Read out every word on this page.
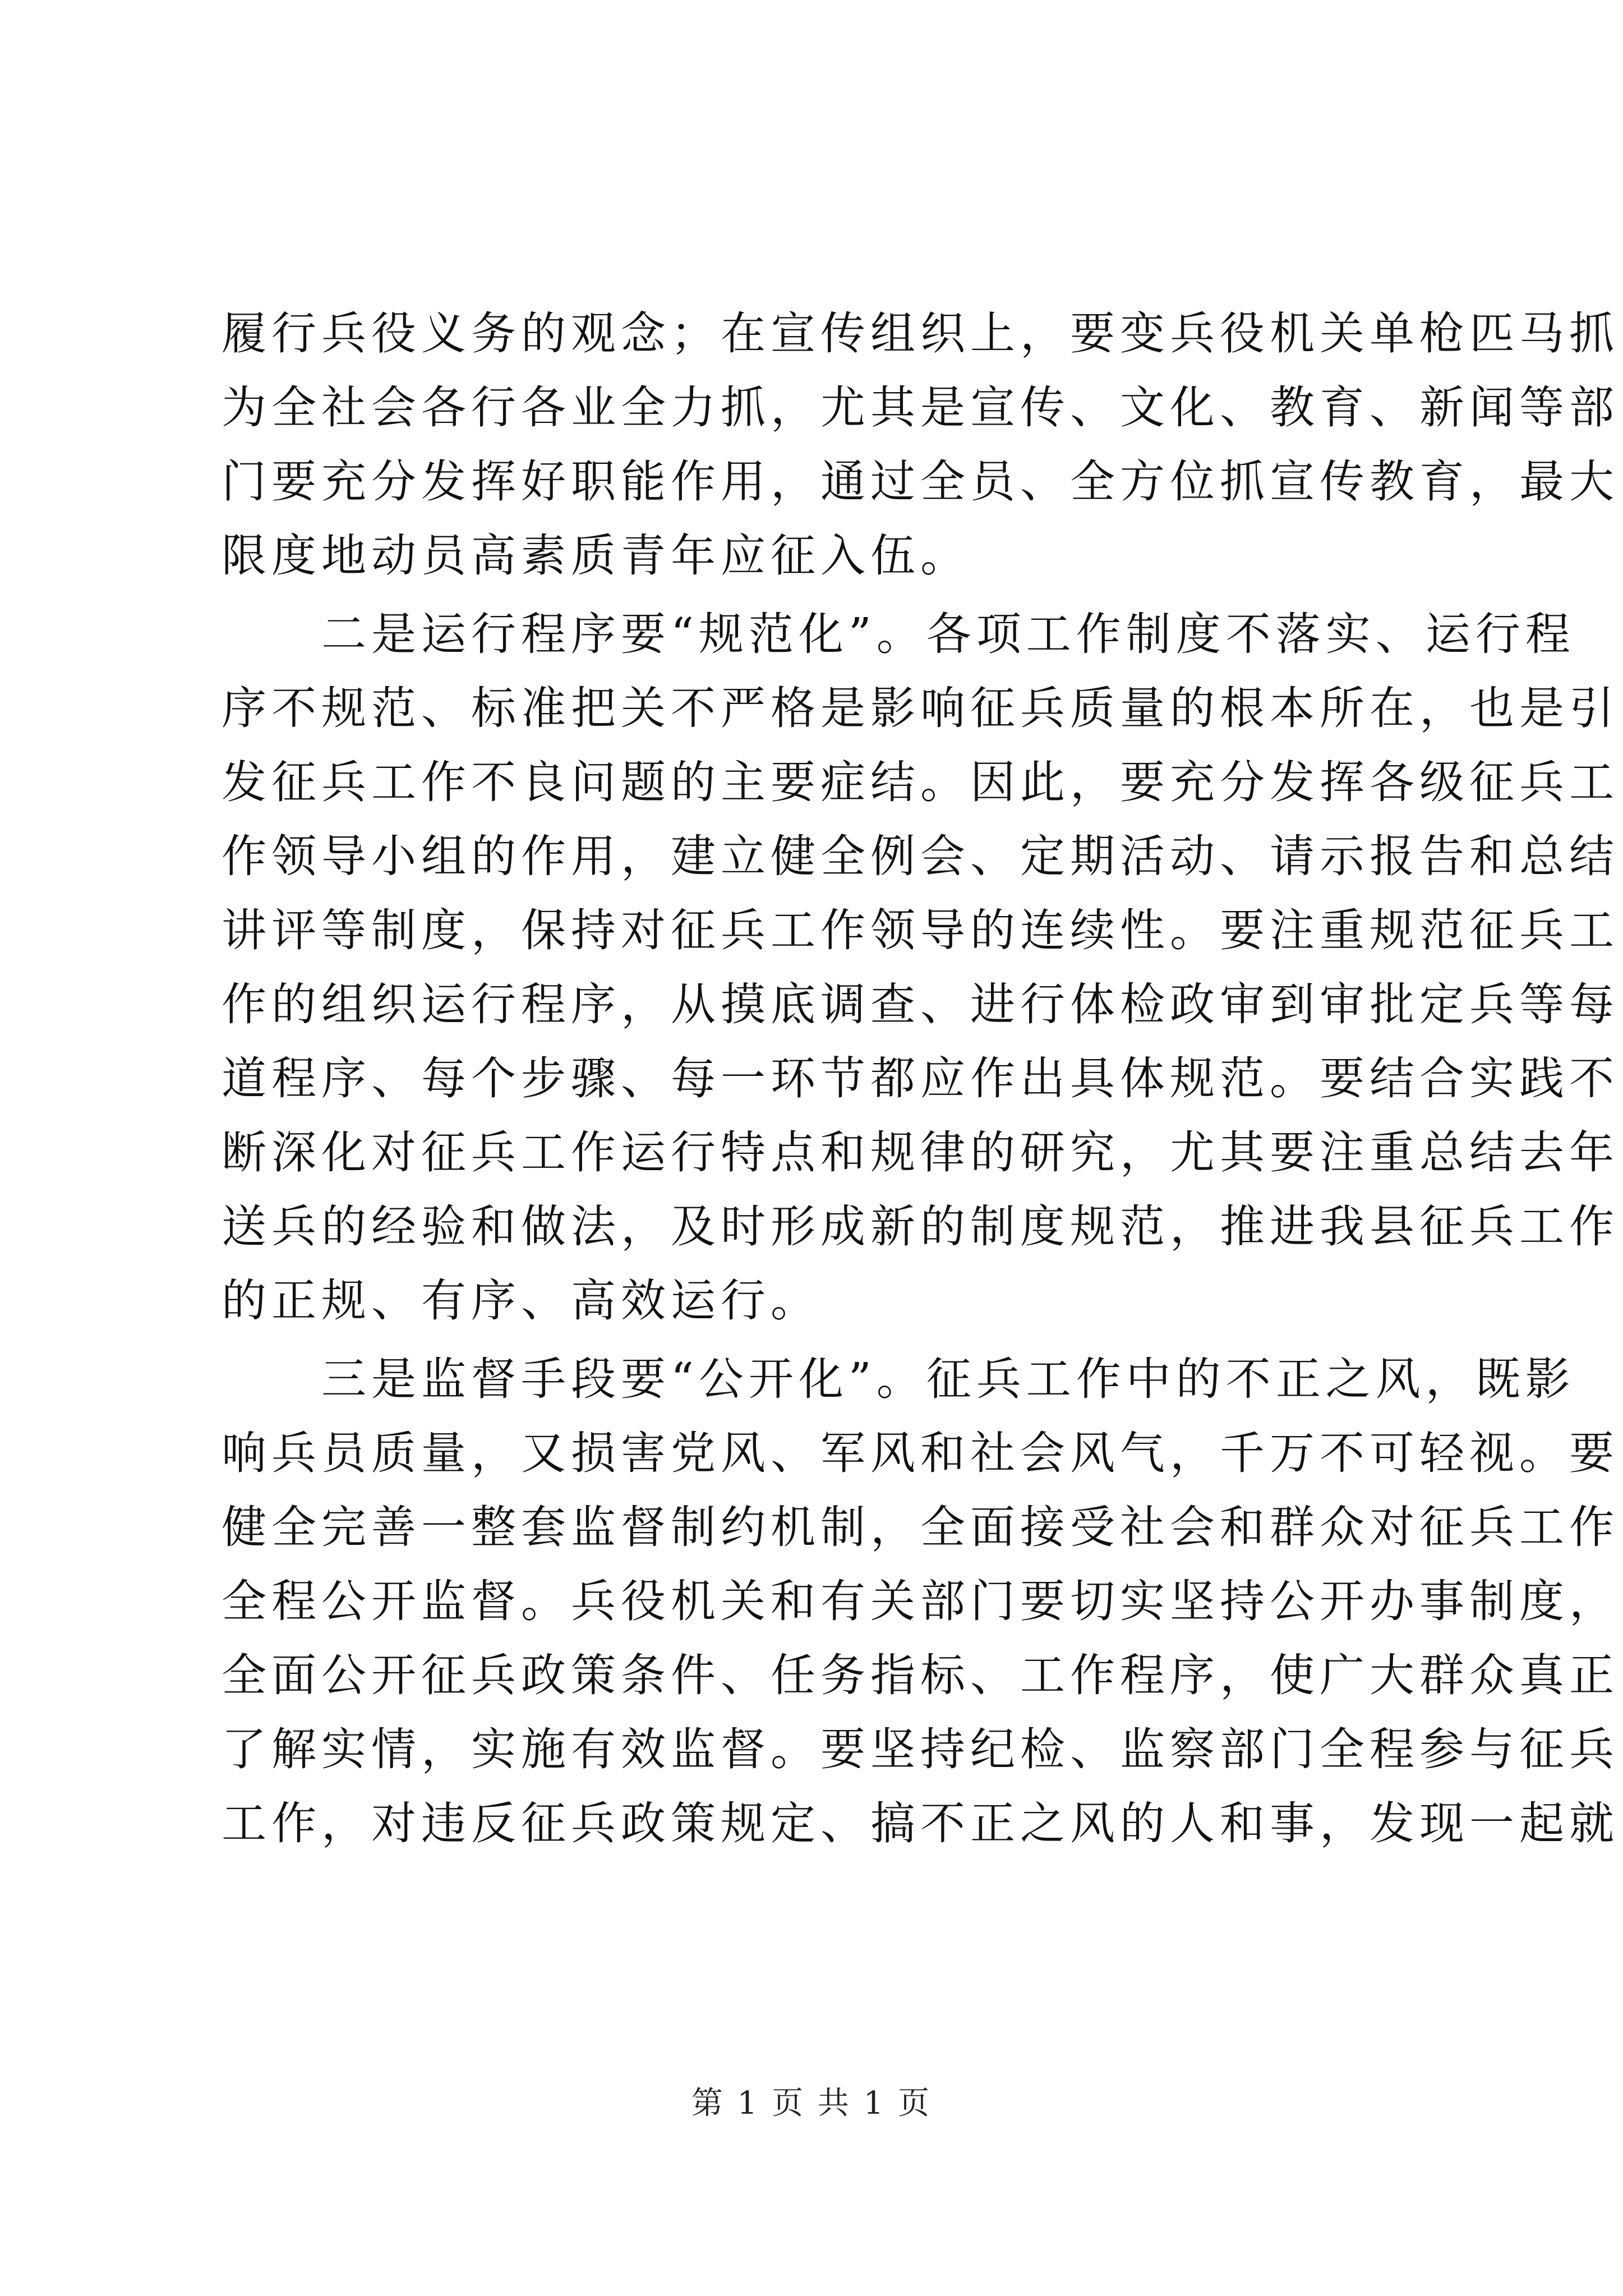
履行兵役义务的观念；在宣传组织上，要变兵役机关单枪匹马抓
为全社会各行各业全力抓，尤其是宣传、文化、教育、新闻等部
门要充分发挥好职能作用，通过全员、全方位抓宣传教育，最大
限度地动员高素质青年应征入伍。
　　二是运行程序要“规范化”。各项工作制度不落实、运行程
序不规范、标准把关不严格是影响征兵质量的根本所在，也是引
发征兵工作不良问题的主要症结。因此，要充分发挥各级征兵工
作领导小组的作用，建立健全例会、定期活动、请示报告和总结
讲评等制度，保持对征兵工作领导的连续性。要注重规范征兵工
作的组织运行程序，从摸底调查、进行体检政审到审批定兵等每
道程序、每个步骤、每一环节都应作出具体规范。要结合实践不
断深化对征兵工作运行特点和规律的研究，尤其要注重总结去年
送兵的经验和做法，及时形成新的制度规范，推进我县征兵工作
的正规、有序、高效运行。
　　三是监督手段要“公开化”。征兵工作中的不正之风，既影
响兵员质量，又损害党风、军风和社会风气，千万不可轻视。要
健全完善一整套监督制约机制，全面接受社会和群众对征兵工作
全程公开监督。兵役机关和有关部门要切实坚持公开办事制度，
全面公开征兵政策条件、任务指标、工作程序，使广大群众真正
了解实情，实施有效监督。要坚持纪检、监察部门全程参与征兵
工作，对违反征兵政策规定、搞不正之风的人和事，发现一起就
第 1 页 共 1 页
